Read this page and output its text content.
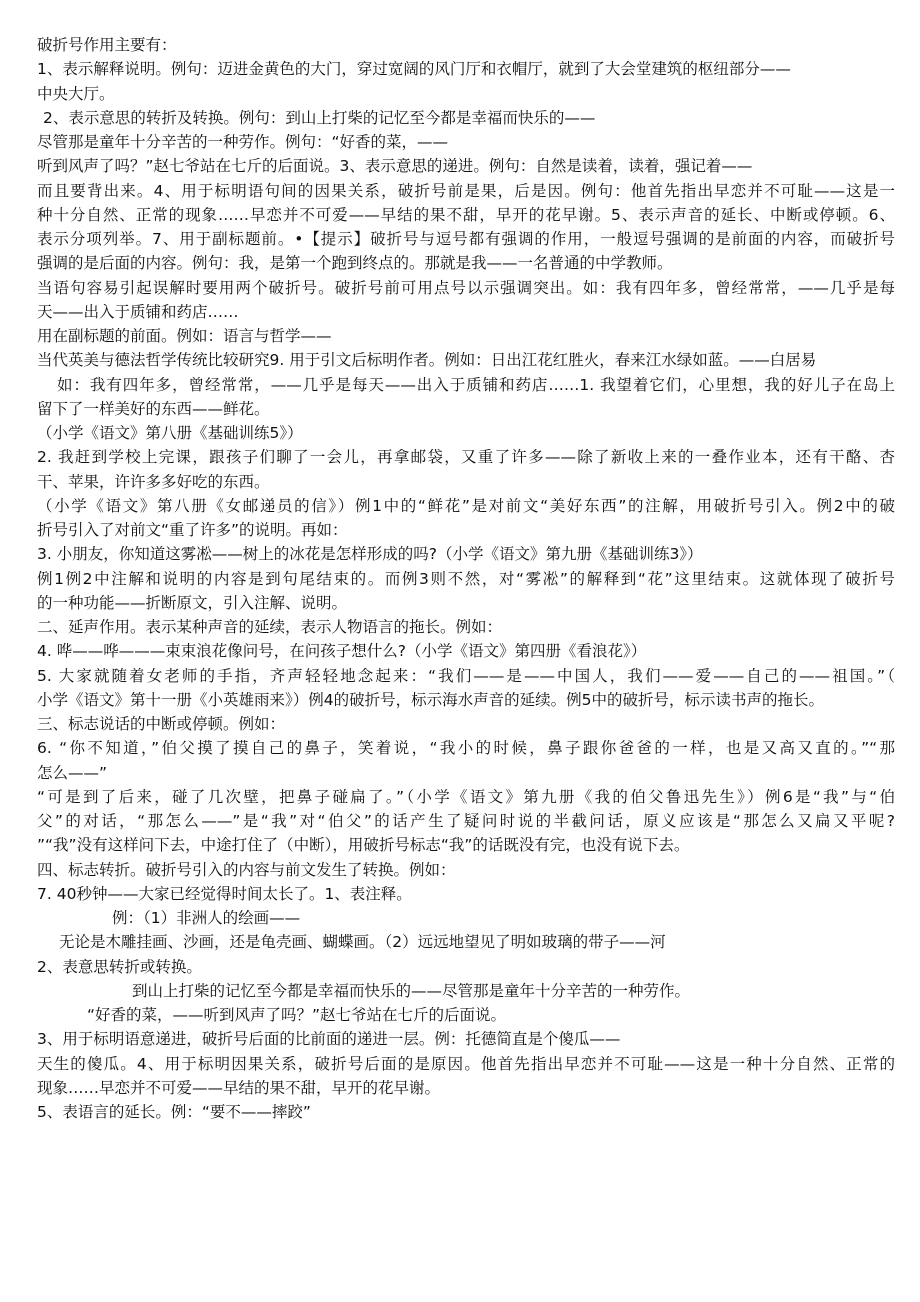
破折号作用主要有：
1、表示解释说明。例句：迈进金黄色的大门，穿过宽阔的风门厅和衣帽厅，就到了大会堂建筑的枢纽部分——
中央大厅。
2、表示意思的转折及转换。例句：到山上打柴的记忆至今都是幸福而快乐的——
尽管那是童年十分辛苦的一种劳作。例句：“好香的菜，——
听到风声了吗？”赵七爷站在七斤的后面说。3、表示意思的递进。例句：自然是读着，读着，强记着——
而且要背出来。4、用于标明语句间的因果关系，破折号前是果，后是因。例句：他首先指出早恋并不可耻——这是一
种十分自然、正常的现象……早恋并不可爱——早结的果不甜，早开的花早谢。5、表示声音的延长、中断或停顿。6、
表示分项列举。7、用于副标题前。•【提示】破折号与逗号都有强调的作用，一般逗号强调的是前面的内容，而破折号
强调的是后面的内容。例句：我，是第一个跑到终点的。那就是我——一名普通的中学教师。
当语句容易引起误解时要用两个破折号。破折号前可用点号以示强调突出。如：我有四年多，曾经常常，——几乎是每
天——出入于质铺和药店……
用在副标题的前面。例如：语言与哲学——
当代英美与德法哲学传统比较研究9. 用于引文后标明作者。例如：日出江花红胜火，春来江水绿如蓝。——白居易
如：我有四年多，曾经常常，——几乎是每天——出入于质铺和药店……1. 我望着它们，心里想，我的好儿子在岛上
留下了一样美好的东西——鲜花。
（小学《语文》第八册《基础训练5》）
2. 我赶到学校上完课，跟孩子们聊了一会儿，再拿邮袋，又重了许多——除了新收上来的一叠作业本，还有干酪、杏
干、苹果，许许多多好吃的东西。
（小学《语文》第八册《女邮递员的信》）例1中的“鲜花”是对前文“美好东西”的注解，用破折号引入。例2中的破
折号引入了对前文“重了许多”的说明。再如：
3. 小朋友，你知道这雾凇——树上的冰花是怎样形成的吗?（小学《语文》第九册《基础训练3》）
例1例2中注解和说明的内容是到句尾结束的。而例3则不然，对“雾凇”的解释到“花”这里结束。这就体现了破折号
的一种功能——折断原文，引入注解、说明。
二、延声作用。表示某种声音的延续，表示人物语言的拖长。例如：
4. 哗——哗———束束浪花像问号，在问孩子想什么?（小学《语文》第四册《看浪花》）
5. 大家就随着女老师的手指，齐声轻轻地念起来：“我们——是——中国人，我们——爱——自己的——祖国。”（
小学《语文》第十一册《小英雄雨来》）例4的破折号，标示海水声音的延续。例5中的破折号，标示读书声的拖长。
三、标志说话的中断或停顿。例如：
6. “你不知道，”伯父摸了摸自己的鼻子，笑着说，“我小的时候，鼻子跟你爸爸的一样，也是又高又直的。”“那
怎么——”
“可是到了后来，碰了几次壁，把鼻子碰扁了。”（小学《语文》第九册《我的伯父鲁迅先生》）例6是“我”与“伯
父”的对话，“那怎么——”是“我”对“伯父”的话产生了疑问时说的半截问话，原义应该是“那怎么又扁又平呢?
”“我”没有这样问下去，中途打住了（中断），用破折号标志“我”的话既没有完，也没有说下去。
四、标志转折。破折号引入的内容与前文发生了转换。例如：
7. 40秒钟——大家已经觉得时间太长了。1、表注释。
例：（1）非洲人的绘画——
无论是木雕挂画、沙画，还是龟壳画、蝴蝶画。（2）远远地望见了明如玻璃的带子——河
2、表意思转折或转换。
到山上打柴的记忆至今都是幸福而快乐的——尽管那是童年十分辛苦的一种劳作。
“好香的菜，——听到风声了吗？”赵七爷站在七斤的后面说。
3、用于标明语意递进，破折号后面的比前面的递进一层。例：托德简直是个傻瓜——
天生的傻瓜。4、用于标明因果关系，破折号后面的是原因。他首先指出早恋并不可耻——这是一种十分自然、正常的
现象……早恋并不可爱——早结的果不甜，早开的花早谢。
5、表语言的延长。例：“要不——摔跤”
